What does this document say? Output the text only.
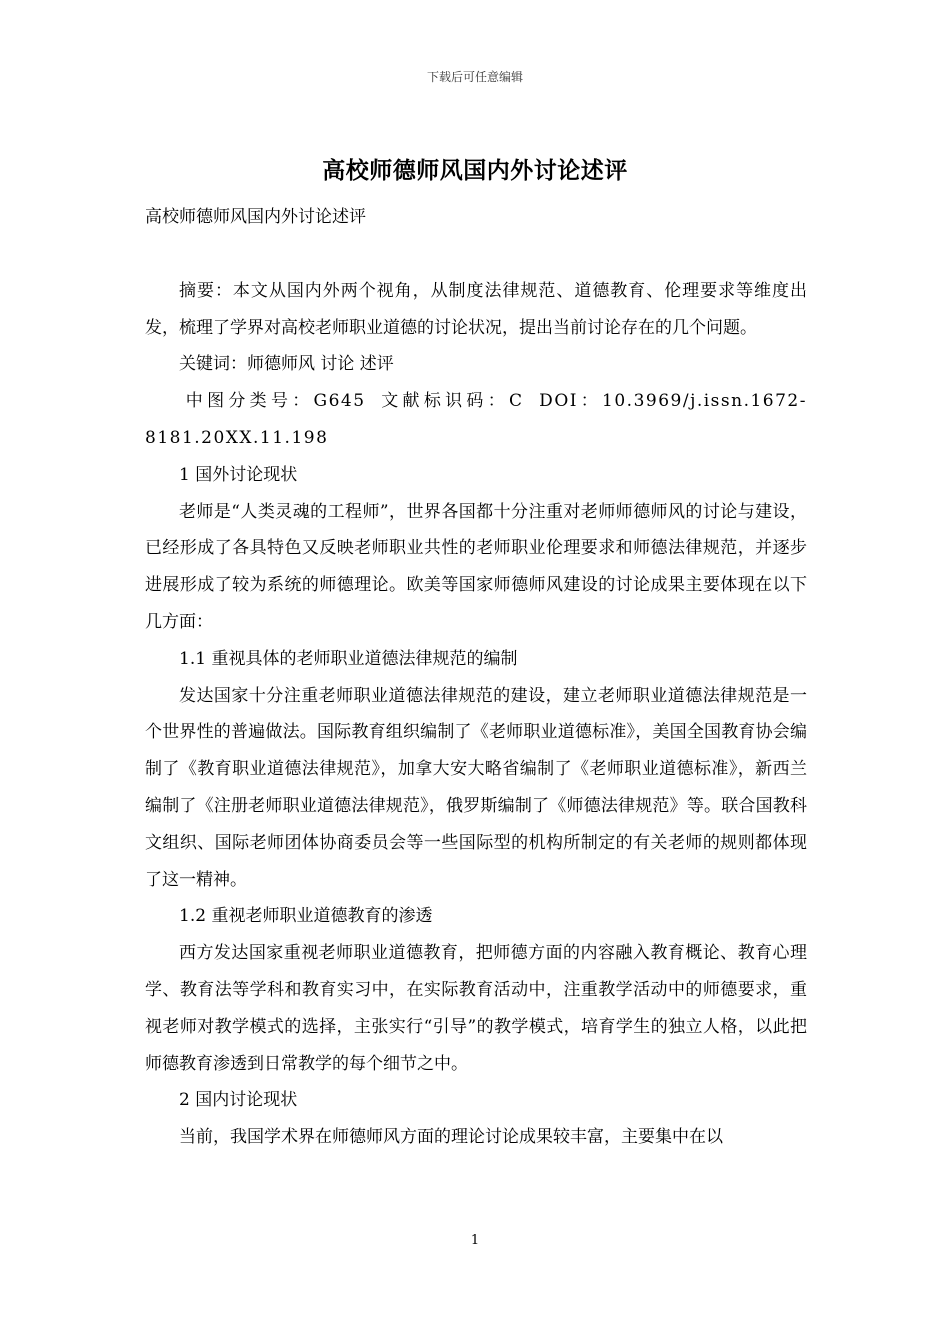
下载后可任意编辑
高校师德师风国内外讨论述评

高校师德师风国内外讨论述评

摘要：本文从国内外两个视角，从制度法律规范、道德教育、伦理要求等维度出发，梳理了学界对高校老师职业道德的讨论状况，提出当前讨论存在的几个问题。

关键词：师德师风 讨论 述评

中图分类号：G645 文献标识码：C DOI：10.3969/j.issn.1672-8181.20XX.11.198

1 国外讨论现状

老师是“人类灵魂的工程师”，世界各国都十分注重对老师师德师风的讨论与建设，已经形成了各具特色又反映老师职业共性的老师职业伦理要求和师德法律规范，并逐步进展形成了较为系统的师德理论。欧美等国家师德师风建设的讨论成果主要体现在以下几方面：

1.1 重视具体的老师职业道德法律规范的编制

发达国家十分注重老师职业道德法律规范的建设，建立老师职业道德法律规范是一个世界性的普遍做法。国际教育组织编制了《老师职业道德标准》，美国全国教育协会编制了《教育职业道德法律规范》，加拿大安大略省编制了《老师职业道德标准》，新西兰编制了《注册老师职业道德法律规范》，俄罗斯编制了《师德法律规范》等。联合国教科文组织、国际老师团体协商委员会等一些国际型的机构所制定的有关老师的规则都体现了这一精神。

1.2 重视老师职业道德教育的渗透

西方发达国家重视老师职业道德教育，把师德方面的内容融入教育概论、教育心理学、教育法等学科和教育实习中，在实际教育活动中，注重教学活动中的师德要求，重视老师对教学模式的选择，主张实行“引导”的教学模式，培育学生的独立人格，以此把师德教育渗透到日常教学的每个细节之中。

2 国内讨论现状

当前，我国学术界在师德师风方面的理论讨论成果较丰富，主要集中在以

1
